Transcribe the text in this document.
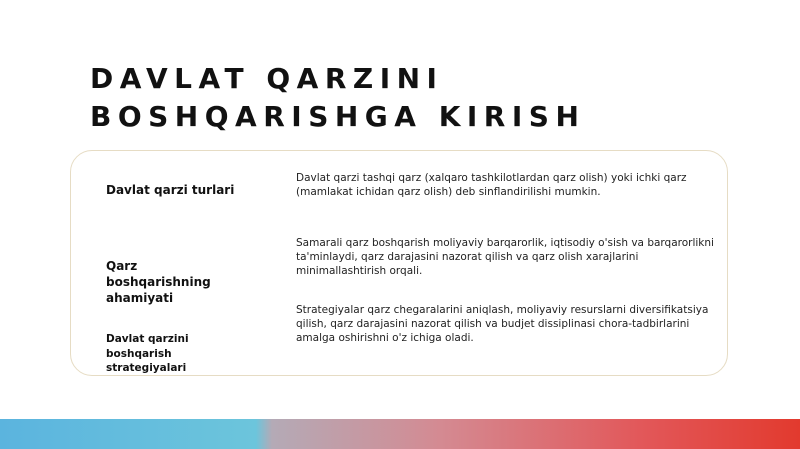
DAVLAT QARZINI BOSHQARISHGA KIRISH
Davlat qarzi turlari
Davlat qarzi tashqi qarz (xalqaro tashkilotlardan qarz olish) yoki ichki qarz (mamlakat ichidan qarz olish) deb sinflandirilishi mumkin.
Qarz boshqarishning ahamiyati
Samarali qarz boshqarish moliyaviy barqarorlik, iqtisodiy o'sish va barqarorlikni ta'minlaydi, qarz darajasini nazorat qilish va qarz olish xarajlarini minimallashtirish orqali.
Davlat qarzini boshqarish strategiyalari
Strategiyalar qarz chegaralarini aniqlash, moliyaviy resurslarni diversifikatsiya qilish, qarz darajasini nazorat qilish va budjet dissiplinasi chora-tadbirlarini amalga oshirishni o'z ichiga oladi.
